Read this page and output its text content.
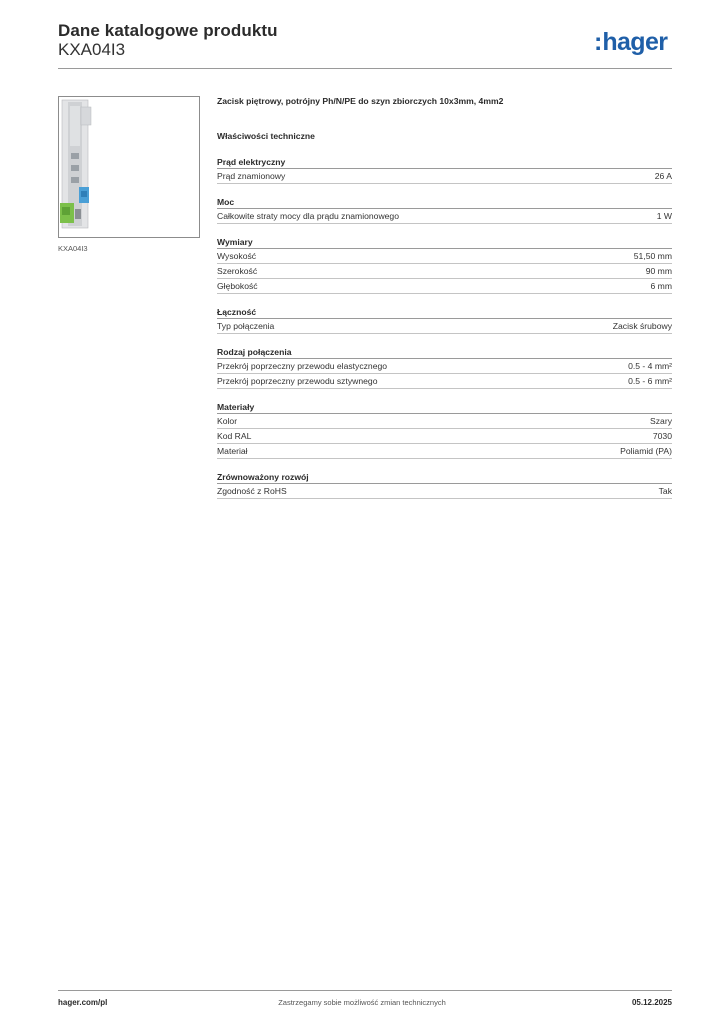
Dane katalogowe produktu
KXA04I3	:hager
KXA04I3
Zacisk piętrowy, potrójny Ph/N/PE do szyn zbiorczych 10x3mm, 4mm2
Właściwości techniczne
Prąd elektryczny
Prąd znamionowy	26 A
Moc
Całkowite straty mocy dla prądu znamionowego	1 W
Wymiary
Wysokość	51,50 mm
Szerokość	90 mm
Głębokość	6 mm
Łączność
Typ połączenia	Zacisk śrubowy
Rodzaj połączenia
Przekrój poprzeczny przewodu elastycznego	0.5 - 4 mm²
Przekrój poprzeczny przewodu sztywnego	0.5 - 6 mm²
Materiały
Kolor	Szary
Kod RAL	7030
Materiał	Poliamid (PA)
Zrównoważony rozwój
Zgodność z RoHS	Tak
hager.com/pl	Zastrzegamy sobie możliwość zmian technicznych	05.12.2025
